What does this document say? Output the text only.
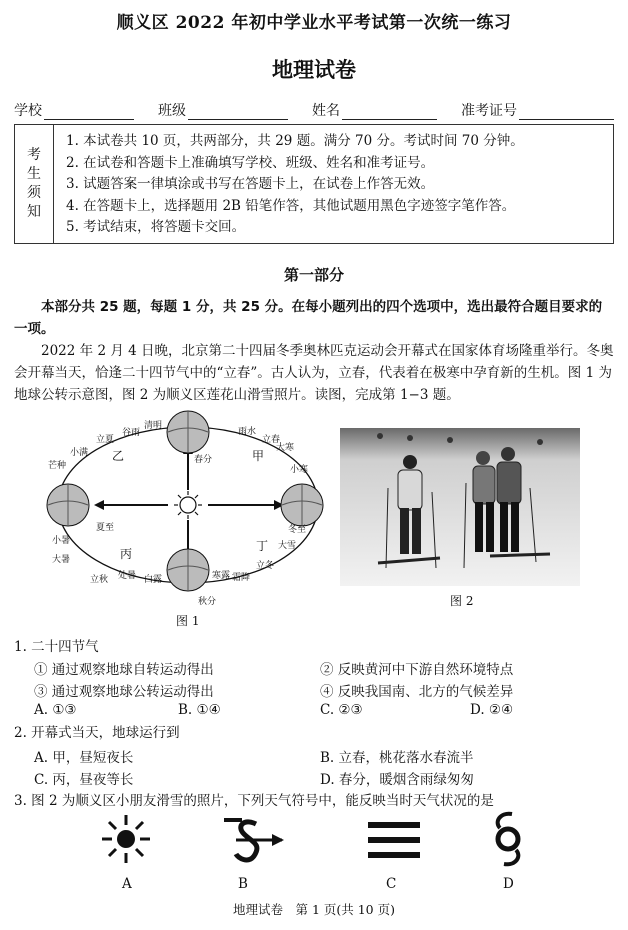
顺义区 2022 年初中学业水平考试第一次统一练习
地理试卷
学校	班级	姓名	准考证号
考
生
须
知
1. 本试卷共 10 页，共两部分，共 29 题。满分 70 分。考试时间 70 分钟。
2. 在试卷和答题卡上准确填写学校、班级、姓名和准考证号。
3. 试题答案一律填涂或书写在答题卡上，在试卷上作答无效。
4. 在答题卡上，选择题用 2B 铅笔作答，其他试题用黑色字迹签字笔作答。
5. 考试结束，将答题卡交回。
第一部分
本部分共 25 题，每题 1 分，共 25 分。在每小题列出的四个选项中，选出最符合题目要求的一项。
2022 年 2 月 4 日晚，北京第二十四届冬季奥林匹克运动会开幕式在国家体育场隆重举行。冬奥会开幕当天，恰逢二十四节气中的“立春”。古人认为，立春，代表着在极寒中孕育新的生机。图 1 为地球公转示意图，图 2 为顺义区莲花山滑雪照片。读图，完成第 1−3 题。
谷雨
清明
春分
雨水
立春
立夏
小满
芒种
夏至
小暑
大暑
立秋
大寒
小寒
冬至
大雪
立冬
霜降
寒露
秋分
白露
处暑
甲
乙
丙
丁
图 1
图 2
1. 二十四节气
① 通过观察地球自转运动得出	② 反映黄河中下游自然环境特点
③ 通过观察地球公转运动得出	④ 反映我国南、北方的气候差异
A. ①③	B. ①④	C. ②③	D. ②④
2. 开幕式当天，地球运行到
A. 甲，昼短夜长	B. 立春，桃花落水春流半
C. 丙，昼夜等长	D. 春分，暖烟含雨绿匆匆
3. 图 2 为顺义区小朋友滑雪的照片，下列天气符号中，能反映当时天气状况的是
A	B	C	D
地理试卷　第 1 页(共 10 页)
